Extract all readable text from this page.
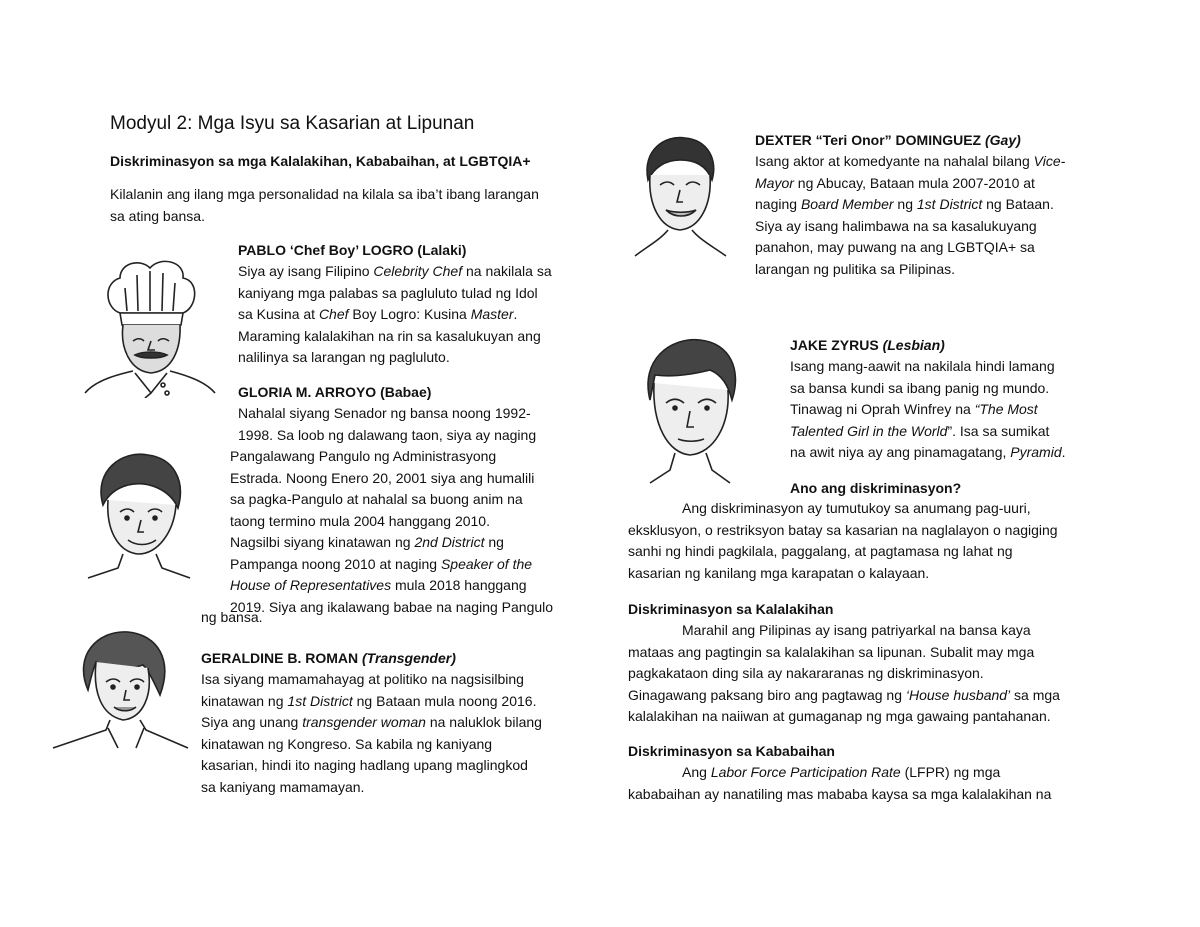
Modyul 2: Mga Isyu sa Kasarian at Lipunan
Diskriminasyon sa mga Kalalakihan, Kababaihan, at LGBTQIA+
Kilalanin ang ilang mga personalidad na kilala sa iba’t ibang larangan
sa ating bansa.
PABLO ‘Chef Boy’ LOGRO (Lalaki)
Siya ay isang Filipino Celebrity Chef na nakilala sa
kaniyang mga palabas sa pagluluto tulad ng Idol
sa Kusina at Chef Boy Logro: Kusina Master.
Maraming kalalakihan na rin sa kasalukuyan ang
nalilinya sa larangan ng pagluluto.
GLORIA M. ARROYO (Babae)
Nahalal siyang Senador ng bansa noong 1992-
1998. Sa loob ng dalawang taon, siya ay naging
Pangalawang Pangulo ng Administrasyong
Estrada. Noong Enero 20, 2001 siya ang humalili
sa pagka-Pangulo at nahalal sa buong anim na
taong termino mula 2004 hanggang 2010.
Nagsilbi siyang kinatawan ng 2nd District ng
Pampanga noong 2010 at naging Speaker of the
House of Representatives mula 2018 hanggang
2019. Siya ang ikalawang babae na naging Pangulo
ng bansa.
GERALDINE B. ROMAN (Transgender)
Isa siyang mamamahayag at politiko na nagsisilbing
kinatawan ng 1st District ng Bataan mula noong 2016.
Siya ang unang transgender woman na naluklok bilang
kinatawan ng Kongreso. Sa kabila ng kaniyang
kasarian, hindi ito naging hadlang upang maglingkod
sa kaniyang mamamayan.
DEXTER “Teri Onor” DOMINGUEZ (Gay)
Isang aktor at komedyante na nahalal bilang Vice-
Mayor ng Abucay, Bataan mula 2007-2010 at
naging Board Member ng 1st District ng Bataan.
Siya ay isang halimbawa na sa kasalukuyang
panahon, may puwang na ang LGBTQIA+ sa
larangan ng pulitika sa Pilipinas.
JAKE ZYRUS (Lesbian)
Isang mang-aawit na nakilala hindi lamang
sa bansa kundi sa ibang panig ng mundo.
Tinawag ni Oprah Winfrey na “The Most
Talented Girl in the World”. Isa sa sumikat
na awit niya ay ang pinamagatang, Pyramid.
Ano ang diskriminasyon?
Ang diskriminasyon ay tumutukoy sa anumang pag-uuri,
eksklusyon, o restriksyon batay sa kasarian na naglalayon o nagiging
sanhi ng hindi pagkilala, paggalang, at pagtamasa ng lahat ng
kasarian ng kanilang mga karapatan o kalayaan.
Diskriminasyon sa Kalalakihan
Marahil ang Pilipinas ay isang patriyarkal na bansa kaya
mataas ang pagtingin sa kalalakihan sa lipunan. Subalit may mga
pagkakataon ding sila ay nakararanas ng diskriminasyon.
Ginagawang paksang biro ang pagtawag ng ‘House husband’ sa mga
kalalakihan na naiiwan at gumaganap ng mga gawaing pantahanan.
Diskriminasyon sa Kababaihan
Ang Labor Force Participation Rate (LFPR) ng mga
kababaihan ay nanatiling mas mababa kaysa sa mga kalalakihan na
